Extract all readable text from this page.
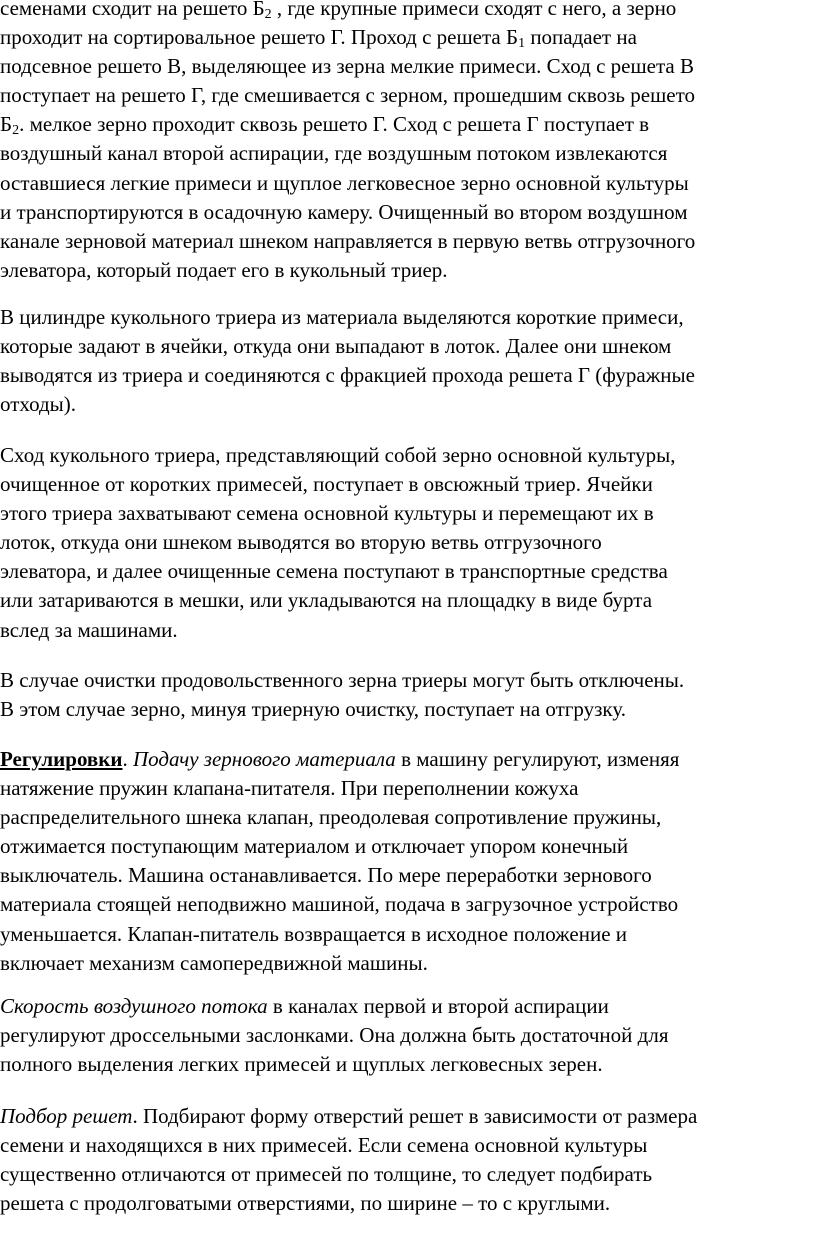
семенами сходит на решето $Б_2$ , где крупные примеси сходят с него, а зерно
проходит на сортировальное решето Г. Проход с решета $Б_1$ попадает на
подсевное решето В, выделяющее из зерна мелкие примеси. Сход с решета В
поступает на решето Г, где смешивается с зерном, прошедшим сквозь решето
$Б_2$. мелкое зерно проходит сквозь решето Г. Сход с решета Г поступает в
воздушный канал второй аспирации, где воздушным потоком извлекаются
оставшиеся легкие примеси и щуплое легковесное зерно основной культуры
и транспортируются в осадочную камеру. Очищенный во втором воздушном
канале зерновой материал шнеком направляется в первую ветвь отгрузочного
элеватора, который подает его в кукольный триер.
В цилиндре кукольного триера из материала выделяются короткие примеси,
которые задают в ячейки, откуда они выпадают в лоток. Далее они шнеком
выводятся из триера и соединяются с фракцией прохода решета Г (фуражные
отходы).
Сход кукольного триера, представляющий собой зерно основной культуры,
очищенное от коротких примесей, поступает в овсюжный триер. Ячейки
этого триера захватывают семена основной культуры и перемещают их в
лоток, откуда они шнеком выводятся во вторую ветвь отгрузочного
элеватора, и далее очищенные семена поступают в транспортные средства
или затариваются в мешки, или укладываются на площадку в виде бурта
вслед за машинами.
В случае очистки продовольственного зерна триеры могут быть отключены.
В этом случае зерно, минуя триерную очистку, поступает на отгрузку.
Регулировки. Подачу зернового материала в машину регулируют, изменяя
натяжение пружин клапана-питателя. При переполнении кожуха
распределительного шнека клапан, преодолевая сопротивление пружины,
отжимается поступающим материалом и отключает упором конечный
выключатель. Машина останавливается. По мере переработки зернового
материала стоящей неподвижно машиной, подача в загрузочное устройство
уменьшается. Клапан-питатель возвращается в исходное положение и
включает механизм самопередвижной машины.
Скорость воздушного потока в каналах первой и второй аспирации
регулируют дроссельными заслонками. Она должна быть достаточной для
полного выделения легких примесей и щуплых легковесных зерен.
Подбор решет. Подбирают форму отверстий решет в зависимости от размера
семени и находящихся в них примесей. Если семена основной культуры
существенно отличаются от примесей по толщине, то следует подбирать
решета с продолговатыми отверстиями, по ширине – то с круглыми.
